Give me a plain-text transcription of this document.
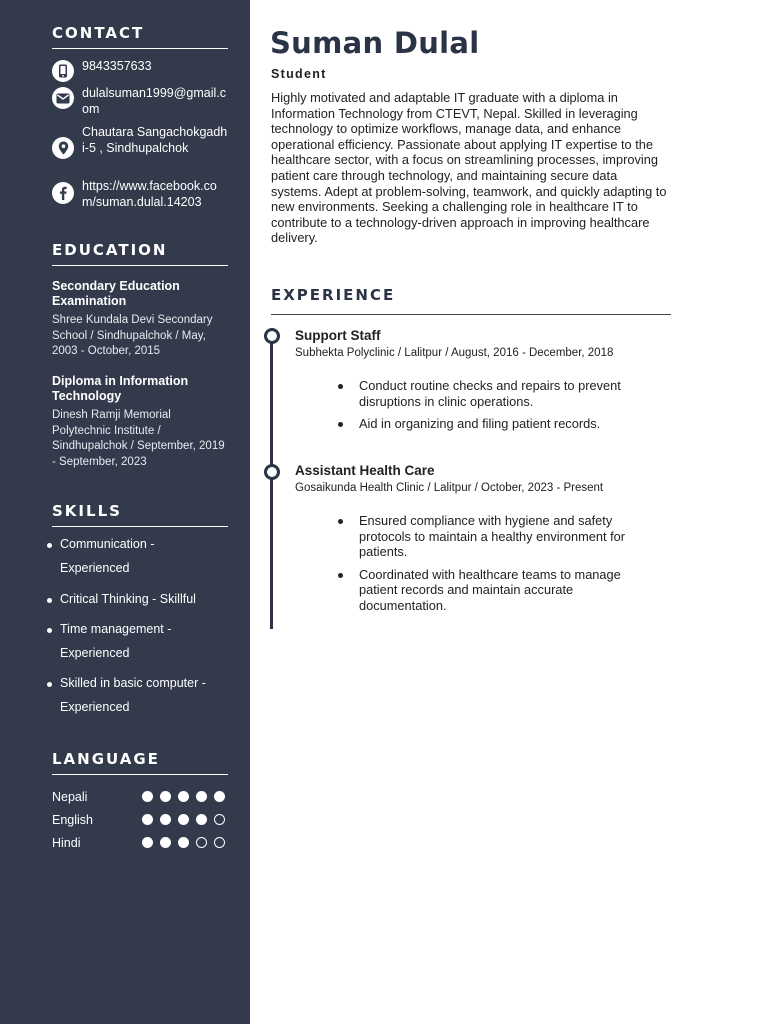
CONTACT
9843357633
dulalsuman1999@gmail.com
Chautara Sangachokgadhi-5 , Sindhupalchok
https://www.facebook.com/suman.dulal.14203
EDUCATION
Secondary Education Examination
Shree Kundala Devi Secondary School / Sindhupalchok / May, 2003 - October, 2015
Diploma in Information Technology
Dinesh Ramji Memorial Polytechnic Institute / Sindhupalchok / September, 2019 - September, 2023
SKILLS
Communication - Experienced
Critical Thinking - Skillful
Time management - Experienced
Skilled in basic computer - Experienced
LANGUAGE
Nepali
English
Hindi
Suman Dulal
Student
Highly motivated and adaptable IT graduate with a diploma in Information Technology from CTEVT, Nepal. Skilled in leveraging technology to optimize workflows, manage data, and enhance operational efficiency. Passionate about applying IT expertise to the healthcare sector, with a focus on streamlining processes, improving patient care through technology, and maintaining secure data systems. Adept at problem-solving, teamwork, and quickly adapting to new environments. Seeking a challenging role in healthcare IT to contribute to a technology-driven approach in improving healthcare delivery.
EXPERIENCE
Support Staff
Subhekta Polyclinic / Lalitpur / August, 2016 - December, 2018
Conduct routine checks and repairs to prevent disruptions in clinic operations.
Aid in organizing and filing patient records.
Assistant Health Care
Gosaikunda Health Clinic / Lalitpur / October, 2023 - Present
Ensured compliance with hygiene and safety protocols to maintain a healthy environment for patients.
Coordinated with healthcare teams to manage patient records and maintain accurate documentation.
